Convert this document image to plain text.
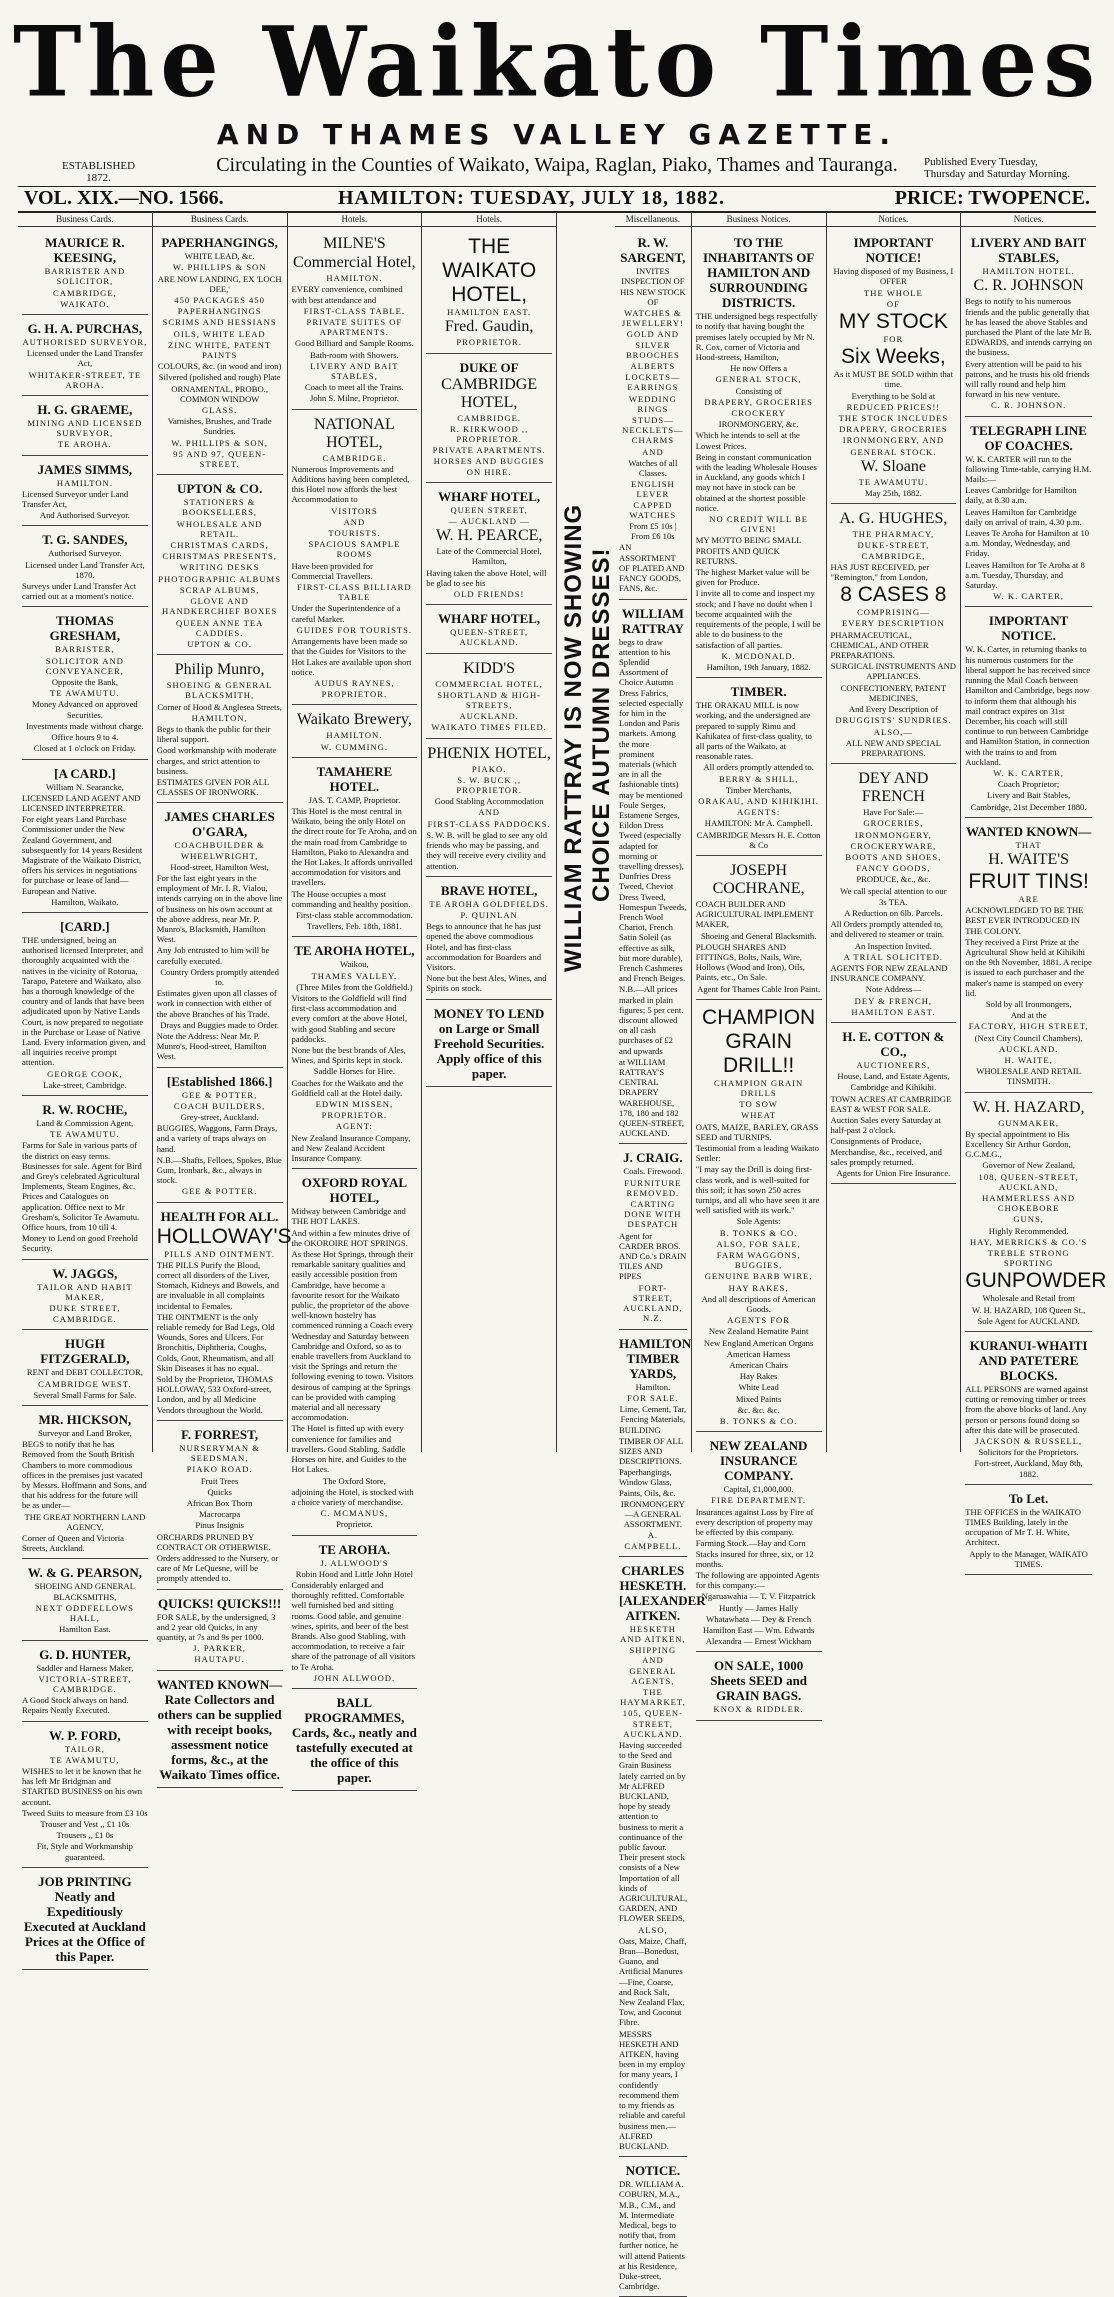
The Waikato Times
AND THAMES VALLEY GAZETTE.
ESTABLISHED
1872.
Circulating in the Counties of Waikato, Waipa, Raglan, Piako, Thames and Tauranga.	Published Every Tuesday, Thursday and Saturday Morning.
VOL. XIX.—NO. 1566.	HAMILTON: TUESDAY, JULY 18, 1882.	PRICE: TWOPENCE.
Business Cards.

MAURICE R. KEESING,

BARRISTER AND SOLICITOR,

CAMBRIDGE,

WAIKATO.

G. H. A. PURCHAS,

AUTHORISED SURVEYOR,

Licensed under the Land Transfer Act,

WHITAKER-STREET, TE AROHA.

H. G. GRAEME,

MINING AND LICENSED SURVEYOR,

TE AROHA.

JAMES SIMMS,

HAMILTON.

Licensed Surveyor under Land Transfer Act,

And Authorised Surveyor.

T. G. SANDES,

Authorised Surveyor.

Licensed under Land Transfer Act, 1870.

Surveys under Land Transfer Act carried out at a moment's notice.

THOMAS GRESHAM,

BARRISTER,

SOLICITOR AND CONVEYANCER,

Opposite the Bank,

TE AWAMUTU.

Money Advanced on approved Securities.

Investments made without charge.

Office hours 9 to 4.

Closed at 1 o'clock on Friday.

[A CARD.]

William N. Searancke,

LICENSED LAND AGENT AND LICENSED INTERPRETER.

For eight years Land Purchase Commissioner under the New Zealand Government, and subsequently for 14 years Resident Magistrate of the Waikato District, offers his services in negotiations for purchase or lease of land—European and Native.

Hamilton, Waikato.

[CARD.]

THE undersigned, being an authorised licensed Interpreter, and thoroughly acquainted with the natives in the vicinity of Rotorua, Tarapo, Patetere and Waikato, also has a thorough knowledge of the country and of lands that have been adjudicated upon by Native Lands Court, is now prepared to negotiate in the Purchase or Lease of Native Land. Every information given, and all inquiries receive prompt attention.

GEORGE COOK,

Lake-street, Cambridge.

R. W. ROCHE,

Land & Commission Agent,

TE AWAMUTU.

Farms for Sale in various parts of the district on easy terms. Businesses for sale. Agent for Bird and Grey's celebrated Agricultural Implements, Steam Engines, &c. Prices and Catalogues on application. Office next to Mr Gresham's, Solicitor Te Awamutu. Office hours, from 10 till 4.

Money to Lend on good Freehold Security.

W. JAGGS,

TAILOR AND HABIT MAKER,

DUKE STREET,

CAMBRIDGE.

HUGH FITZGERALD,

RENT and DEBT COLLECTOR,

CAMBRIDGE WEST.

Several Small Farms for Sale.

MR. HICKSON,

Surveyor and Land Broker,

BEGS to notify that he has Removed from the South British Chambers to more commodious offices in the premises just vacated by Messrs. Hoffmann and Sons, and that his address for the future will be as under—

THE GREAT NORTHERN LAND AGENCY,

Corner of Queen and Victoria Streets, Auckland.

W. & G. PEARSON,

SHOEING AND GENERAL BLACKSMITHS,

NEXT ODDFELLOWS HALL,

Hamilton East.

G. D. HUNTER,

Saddler and Harness Maker,

VICTORIA-STREET, CAMBRIDGE.

A Good Stock always on hand. Repairs Neatly Executed.

W. P. FORD,

TAILOR,

TE AWAMUTU,

WISHES to let it be known that he has left Mr Bridgman and STARTED BUSINESS on his own account.

Tweed Suits to measure from £3 10s

Trouser and Vest ,, £1 10s

Trousers ,, £1 0s

Fit, Style and Workmanship guaranteed.

JOB PRINTING Neatly and Expeditiously Executed at Auckland Prices at the Office of this Paper.

Business Cards.

PAPERHANGINGS,

WHITE LEAD, &c.

W. PHILLIPS & SON

ARE NOW LANDING, EX 'LOCH DEE,'

450 PACKAGES 450

PAPERHANGINGS

SCRIMS AND HESSIANS

OILS, WHITE LEAD

ZINC WHITE, PATENT PAINTS

COLOURS, &c. (in wood and iron)

Silvered (polished and rough) Plate

ORNAMENTAL, PROBO., COMMON WINDOW

GLASS.

Varnishes, Brushes, and Trade Sundries.

W. PHILLIPS & SON,

95 AND 97, QUEEN-STREET.

UPTON & CO.

STATIONERS & BOOKSELLERS,

WHOLESALE AND RETAIL.

CHRISTMAS CARDS,

CHRISTMAS PRESENTS,

WRITING DESKS

PHOTOGRAPHIC ALBUMS

SCRAP ALBUMS,

GLOVE AND HANDKERCHIEF BOXES

QUEEN ANNE TEA CADDIES.

UPTON & CO.

Philip Munro,

SHOEING & GENERAL BLACKSMITH,

Corner of Hood & Anglesea Streets,

HAMILTON,

Begs to thank the public for their liberal support.

Good workmanship with moderate charges, and strict attention to business.

ESTIMATES GIVEN FOR ALL CLASSES OF IRONWORK.

JAMES CHARLES O'GARA,

COACHBUILDER & WHEELWRIGHT,

Hood-street, Hamilton West,

For the last eight years in the employment of Mr. I. R. Vialou, intends carrying on in the above line of business on his own account at the above address, near Mr. P. Munro's, Blacksmith, Hamilton West.

Any Job entrusted to him will be carefully executed.

Country Orders promptly attended to.

Estimates given upon all classes of work in connection with either of the above Branches of his Trade.

Drays and Buggies made to Order.

Note the Address: Near Mr. P. Munro's, Hood-street, Hamilton West.

[Established 1866.]

GEE & POTTER,

COACH BUILDERS,

Grey-street, Auckland.

BUGGIES, Waggons, Farm Drays, and a variety of traps always on hand.

N.B.—Shafts, Felloes, Spokes, Blue Gum, Ironbark, &c., always in stock.

GEE & POTTER.

HEALTH FOR ALL.

HOLLOWAY'S

PILLS AND OINTMENT.

THE PILLS Purify the Blood, correct all disorders of the Liver, Stomach, Kidneys and Bowels, and are invaluable in all complaints incidental to Females.

THE OINTMENT is the only reliable remedy for Bad Legs, Old Wounds, Sores and Ulcers. For Bronchitis, Diphtheria, Coughs, Colds, Gout, Rheumatism, and all Skin Diseases it has no equal.

Sold by the Proprietor, THOMAS HOLLOWAY, 533 Oxford-street, London, and by all Medicine Vendors throughout the World.

F. FORREST,

NURSERYMAN & SEEDSMAN,

PIAKO ROAD.

Fruit Trees

Quicks

African Box Thorn

Macrocarpa

Pinus Insignis

ORCHARDS PRUNED BY CONTRACT OR OTHERWISE.

Orders addressed to the Nursery, or care of Mr LeQuesne, will be promptly attended to.

QUICKS! QUICKS!!!

FOR SALE, by the undersigned, 3 and 2 year old Quicks, in any quantity, at 7s and 9s per 1000.

J. PARKER,

HAUTAPU.

WANTED KNOWN—Rate Collectors and others can be supplied with receipt books, assessment notice forms, &c., at the Waikato Times office.

Hotels.

MILNE'S

Commercial Hotel,

HAMILTON.

EVERY convenience, combined with best attendance and

FIRST-CLASS TABLE.

PRIVATE SUITES OF APARTMENTS.

Good Billiard and Sample Rooms.

Bath-room with Showers.

LIVERY AND BAIT STABLES,

Coach to meet all the Trains.

John S. Milne, Proprietor.

NATIONAL HOTEL,

CAMBRIDGE.

Numerous Improvements and Additions having been completed, this Hotel now affords the best Accommodation to

VISITORS

AND

TOURISTS.

SPACIOUS SAMPLE ROOMS

Have been provided for Commercial Travellers.

FIRST-CLASS BILLIARD TABLE

Under the Superintendence of a careful Marker.

GUIDES FOR TOURISTS.

Arrangements have been made so that the Guides for Visitors to the Hot Lakes are available upon short notice.

AUDUS RAYNES,

PROPRIETOR.

Waikato Brewery,

HAMILTON.

W. CUMMING.

TAMAHERE HOTEL.

JAS. T. CAMP, Proprietor.

This Hotel is the most central in Waikato, being the only Hotel on the direct route for Te Aroha, and on the main road from Cambridge to Hamilton, Piako to Alexandra and the Hot Lakes. It affords unrivalled accommodation for visitors and travellers.

The House occupies a most commanding and healthy position.

First-class stable accommodation.

Travellers, Feb. 18th, 1881.

TE AROHA HOTEL,

Waikou,

THAMES VALLEY.

(Three Miles from the Goldfield.)

Visitors to the Goldfield will find first-class accommodation and every comfort at the above Hotel, with good Stabling and secure paddocks.

None but the best brands of Ales, Wines, and Spirits kept in stock.

Saddle Horses for Hire.

Coaches for the Waikato and the Goldfield call at the Hotel daily.

EDWIN MISSEN,

PROPRIETOR.

AGENT:

New Zealand Insurance Company, and New Zealand Accident Insurance Company.

OXFORD ROYAL HOTEL,

Midway between Cambridge and THE HOT LAKES.

And within a few minutes drive of the OKOROIRE HOT SPRINGS.

As these Hot Springs, through their remarkable sanitary qualities and easily accessible position from Cambridge, have become a favourite resort for the Waikato public, the proprietor of the above well-known hostelry has commenced running a Coach every Wednesday and Saturday between Cambridge and Oxford, so as to enable travellers from Auckland to visit the Springs and return the following evening to town. Visitors desirous of camping at the Springs can be provided with camping material and all necessary accommodation.

The Hotel is fitted up with every convenience for families and travellers. Good Stabling. Saddle Horses on hire, and Guides to the Hot Lakes.

The Oxford Store,

adjoining the Hotel, is stocked with a choice variety of merchandise.

C. MCMANUS,

Proprietor.

TE AROHA.

J. ALLWOOD'S

Robin Hood and Little John Hotel

Considerably enlarged and thoroughly refitted. Comfortable well furnished bed and sitting rooms. Good table, and genuine wines, spirits, and beer of the best Brands. Also good Stabling, with accommodation, to receive a fair share of the patronage of all visitors to Te Aroha.

JOHN ALLWOOD.

BALL PROGRAMMES, Cards, &c., neatly and tastefully executed at the office of this paper.

Hotels.

THE

WAIKATO

HOTEL,

HAMILTON EAST.

Fred. Gaudin,

PROPRIETOR.

DUKE OF

CAMBRIDGE HOTEL,

CAMBRIDGE.

R. KIRKWOOD ,, PROPRIETOR.

PRIVATE APARTMENTS.

HORSES AND BUGGIES ON HIRE.

WHARF HOTEL,

QUEEN STREET,

— AUCKLAND —

W. H. PEARCE,

Late of the Commercial Hotel, Hamilton,

Having taken the above Hotel, will be glad to see his

OLD FRIENDS!

WHARF HOTEL,

QUEEN-STREET, AUCKLAND.

KIDD'S

COMMERCIAL HOTEL,

SHORTLAND & HIGH-STREETS,

AUCKLAND.

WAIKATO TIMES FILED.

PHŒNIX HOTEL,

PIAKO.

S. W. BUCK ,, PROPRIETOR.

Good Stabling Accommodation

AND

FIRST-CLASS PADDOCKS.

S. W. B. will be glad to see any old friends who may be passing, and they will receive every civility and attention.

BRAVE HOTEL,

TE AROHA GOLDFIELDS.

P. QUINLAN

Begs to announce that he has just opened the above commodious Hotel, and has first-class accommodation for Boarders and Visitors.

None but the best Ales, Wines, and Spirits on stock.

MONEY TO LEND on Large or Small Freehold Securities. Apply office of this paper.

Miscellaneous.

R. W. SARGENT,

INVITES INSPECTION OF HIS NEW STOCK OF

WATCHES & JEWELLERY!

GOLD AND SILVER BROOCHES

ALBERTS

LOCKETS—EARRINGS

WEDDING RINGS

STUDS—NECKLETS—CHARMS

AND

Watches of all Classes.

ENGLISH LEVER CAPPED WATCHES

From £5 10s | From £6 10s

AN ASSORTMENT OF PLATED AND FANCY GOODS, FANS, &c.

WILLIAM RATTRAY

begs to draw attention to his Splendid Assortment of Choice Autumn Dress Fabrics, selected especially for him in the London and Paris markets. Among the more prominent materials (which are in all the fashionable tints) may be mentioned Foule Serges, Estamene Serges, Eildon Dress Tweed (especially adapted for morning or travelling dresses), Dunfries Dress Tweed, Cheviot Dress Tweed, Homespun Tweeds, French Wool Chariot, French Satin Soleil (as effective as silk, but more durable), French Cashmeres and French Beiges.

N.B.—All prices marked in plain figures; 5 per cent. discount allowed on all cash purchases of £2 and upwards

at WILLIAM RATTRAY'S CENTRAL DRAPERY WAREHOUSE, 178, 180 and 182 QUEEN-STREET, AUCKLAND.

J. CRAIG.

Coals. Firewood.

FURNITURE REMOVED.

CARTING DONE WITH DESPATCH

Agent for CARDER BROS. AND Co.'s DRAIN TILES AND PIPES

FORT-STREET, AUCKLAND, N.Z.

HAMILTON TIMBER YARDS,

Hamilton.

FOR SALE.

Lime, Cement, Tar, Fencing Materials,

BUILDING TIMBER OF ALL SIZES AND DESCRIPTIONS.

Paperhangings, Window Glass, Paints, Oils, &c.

IRONMONGERY—A GENERAL ASSORTMENT.

A. CAMPBELL.

CHARLES HESKETH. [ALEXANDER AITKEN.

HESKETH AND AITKEN,

SHIPPING AND GENERAL AGENTS,

THE HAYMARKET,

105, QUEEN-STREET, AUCKLAND.

Having succeeded to the Seed and Grain Business lately carried on by Mr ALFRED BUCKLAND, hope by steady attention to business to merit a continuance of the public favour. Their present stock consists of a New Importation of all kinds of AGRICULTURAL, GARDEN, AND FLOWER SEEDS,

ALSO,

Oats, Maize, Chaff, Bran—Bonedust, Guano, and Artificial Manures—Fine, Coarse, and Rock Salt, New Zealand Flax, Tow, and Coconut Fibre.

MESSRS HESKETH AND AITKEN, having been in my employ for many years, I confidently recommend them to my friends as reliable and careful business men.—ALFRED BUCKLAND.

NOTICE.

DR. WILLIAM A. COBURN, M.A., M.B., C.M., and M. Intermediate Medical, begs to notify that, from further notice, he will attend Patients at his Residence, Duke-street, Cambridge.

WILLIAM RATTRAY IS NOW SHOWING CHOICE AUTUMN DRESSES!
Business Notices.

TO THE INHABITANTS OF HAMILTON AND SURROUNDING DISTRICTS.

THE undersigned begs respectfully to notify that having bought the premises lately occupied by Mr N. R. Cox, corner of Victoria and Hood-streets, Hamilton,

He now Offers a

GENERAL STOCK,

Consisting of

DRAPERY, GROCERIES

CROCKERY

IRONMONGERY, &c.

Which he intends to sell at the Lowest Prices.

Being in constant communication with the leading Wholesale Houses in Auckland, any goods which I may not have in stock can be obtained at the shortest possible notice.

NO CREDIT WILL BE GIVEN!

MY MOTTO BEING SMALL PROFITS AND QUICK RETURNS.

The highest Market value will be given for Produce.

I invite all to come and inspect my stock; and I have no doubt when I become acquainted with the requirements of the people, I will be able to do business to the satisfaction of all parties.

K. MCDONALD.

Hamilton, 19th January, 1882.

TIMBER.

THE ORAKAU MILL is now working, and the undersigned are prepared to supply Rimu and Kahikatea of first-class quality, to all parts of the Waikato, at reasonable rates.

All orders promptly attended to.

BERRY & SHILL,

Timber Merchants,

ORAKAU, AND KIHIKIHI.

AGENTS:

HAMILTON: Mr A. Campbell.

CAMBRIDGE Messrs H. E. Cotton & Co

JOSEPH COCHRANE,

COACH BUILDER AND AGRICULTURAL IMPLEMENT MAKER,

Shoeing and General Blacksmith.

PLOUGH SHARES AND FITTINGS, Bolts, Nails, Wire, Hollows (Wood and Iron), Oils, Paints, etc., On Sale.

Agent for Thames Cable Iron Paint.

CHAMPION

GRAIN

DRILL!!

CHAMPION GRAIN DRILLS

TO SOW

WHEAT

OATS, MAIZE, BARLEY, GRASS SEED and TURNIPS.

Testimonial from a leading Waikato Settler:

"I may say the Drill is doing first-class work, and is well-suited for this soil; it has sown 250 acres turnips, and all who have seen it are well satisfied with its work."

Sole Agents:

B. TONKS & CO.

ALSO, FOR SALE,

FARM WAGGONS, BUGGIES,

GENUINE BARB WIRE,

HAY RAKES,

And all descriptions of American Goods.

AGENTS FOR

New Zealand Hematite Paint

New England American Organs

American Harness

American Chairs

Hay Rakes

White Lead

Mixed Paints

&c. &c. &c.

B. TONKS & CO.

NEW ZEALAND INSURANCE COMPANY.

Capital, £1,000,000.

FIRE DEPARTMENT.

Insurances against Loss by Fire of every description of property may be effected by this company.

Farming Stock.—Hay and Corn Stacks insured for three, six, or 12 months.

The following are appointed Agents for this company:—

Ngaruawahia — T. V. Fitzpatrick

Huntly — James Hally

Whatawhata — Dey & French

Hamilton East — Wm. Edwards

Alexandra — Ernest Wickham

ON SALE, 1000 Sheets SEED and GRAIN BAGS.

KNOX & RIDDLER.

Notices.

IMPORTANT NOTICE!

Having disposed of my Business, I OFFER

THE WHOLE

OF

MY STOCK

FOR

Six Weeks,

As it MUST BE SOLD within that time.

Everything to be Sold at

REDUCED PRICES!!

THE STOCK INCLUDES

DRAPERY, GROCERIES

IRONMONGERY, AND

GENERAL STOCK.

W. Sloane

TE AWAMUTU.

May 25th, 1882.

A. G. HUGHES,

THE PHARMACY,

DUKE-STREET, CAMBRIDGE,

HAS JUST RECEIVED, per "Remington," from London,

8 CASES 8

COMPRISING—

EVERY DESCRIPTION

PHARMACEUTICAL, CHEMICAL, AND OTHER PREPARATIONS.

SURGICAL INSTRUMENTS AND APPLIANCES.

CONFECTIONERY, PATENT MEDICINES,

And Every Description of

DRUGGISTS' SUNDRIES.

ALSO,—

ALL NEW AND SPECIAL PREPARATIONS.

DEY AND FRENCH

Have For Sale:—

GROCERIES,

IRONMONGERY,

CROCKERYWARE,

BOOTS AND SHOES,

FANCY GOODS,

PRODUCE, &c., &c.

We call special attention to our

3s TEA.

A Reduction on 6lb. Parcels.

All Orders promptly attended to, and delivered to steamer or train.

An Inspection Invited.

A TRIAL SOLICITED.

AGENTS FOR NEW ZEALAND INSURANCE COMPANY.

Note Address—

DEY & FRENCH,

HAMILTON EAST.

H. E. COTTON & CO.,

AUCTIONEERS,

House, Land, and Estate Agents,

Cambridge and Kihikihi.

TOWN ACRES AT CAMBRIDGE EAST & WEST FOR SALE.

Auction Sales every Saturday at half-past 2 o'clock.

Consignments of Produce, Merchandise, &c., received, and sales promptly returned.

Agents for Union Fire Insurance.

Notices.

LIVERY AND BAIT STABLES,

HAMILTON HOTEL.

C. R. JOHNSON

Begs to notify to his numerous friends and the public generally that he has leased the above Stables and purchased the Plant of the late Mr B. EDWARDS, and intends carrying on the business.

Every attention will be paid to his patrons, and he trusts his old friends will rally round and help him forward in his new venture.

C. R. JOHNSON.

TELEGRAPH LINE OF COACHES.

W. K. CARTER will run to the following Time-table, carrying H.M. Mails:—

Leaves Cambridge for Hamilton daily, at 8.30 a.m.

Leaves Hamilton for Cambridge daily on arrival of train, 4.30 p.m.

Leaves Te Aroha for Hamilton at 10 a.m. Monday, Wednesday, and Friday.

Leaves Hamilton for Te Aroha at 8 a.m. Tuesday, Thursday, and Saturday.

W. K. CARTER,

IMPORTANT NOTICE.

W. K. Carter, in returning thanks to his numerous customers for the liberal support he has received since running the Mail Coach between Hamilton and Cambridge, begs now to inform them that although his mail contract expires on 31st December, his coach will still continue to run between Cambridge and Hamilton Station, in connection with the trains to and from Auckland.

W. K. CARTER,

Coach Proprietor;

Livery and Bait Stables,

Cambridge, 21st December 1880.

WANTED KNOWN—

THAT

H. WAITE'S

FRUIT TINS!

ARE

ACKNOWLEDGED TO BE THE BEST EVER INTRODUCED IN THE COLONY.

They received a First Prize at the Agricultural Show held at Kihikihi on the 9th November, 1881. A recipe is issued to each purchaser and the maker's name is stamped on every lid.

Sold by all Ironmongers,

And at the

FACTORY, HIGH STREET,

(Next City Council Chambers),

AUCKLAND.

H. WAITE,

WHOLESALE AND RETAIL TINSMITH.

W. H. HAZARD,

GUNMAKER,

By special appointment to His Excellency Sir Arthur Gordon, G.C.M.G.,

Governor of New Zealand,

108, QUEEN-STREET, AUCKLAND,

HAMMERLESS AND CHOKEBORE

GUNS,

Highly Recommended.

HAY, MERRICKS & CO.'S

TREBLE STRONG SPORTING

GUNPOWDER

Wholesale and Retail from

W. H. HAZARD, 108 Queen St.,

Sole Agent for AUCKLAND.

KURANUI-WHAITI AND PATETERE BLOCKS.

ALL PERSONS are warned against cutting or removing timber or trees from the above blocks of land. Any person or persons found doing so after this date will be prosecuted.

JACKSON & RUSSELL,

Solicitors for the Proprietors.

Fort-street, Auckland, May 8th, 1882.

To Let.

THE OFFICES in the WAIKATO TIMES Building, lately in the occupation of Mr T. H. White, Architect.

Apply to the Manager, WAIKATO TIMES.
